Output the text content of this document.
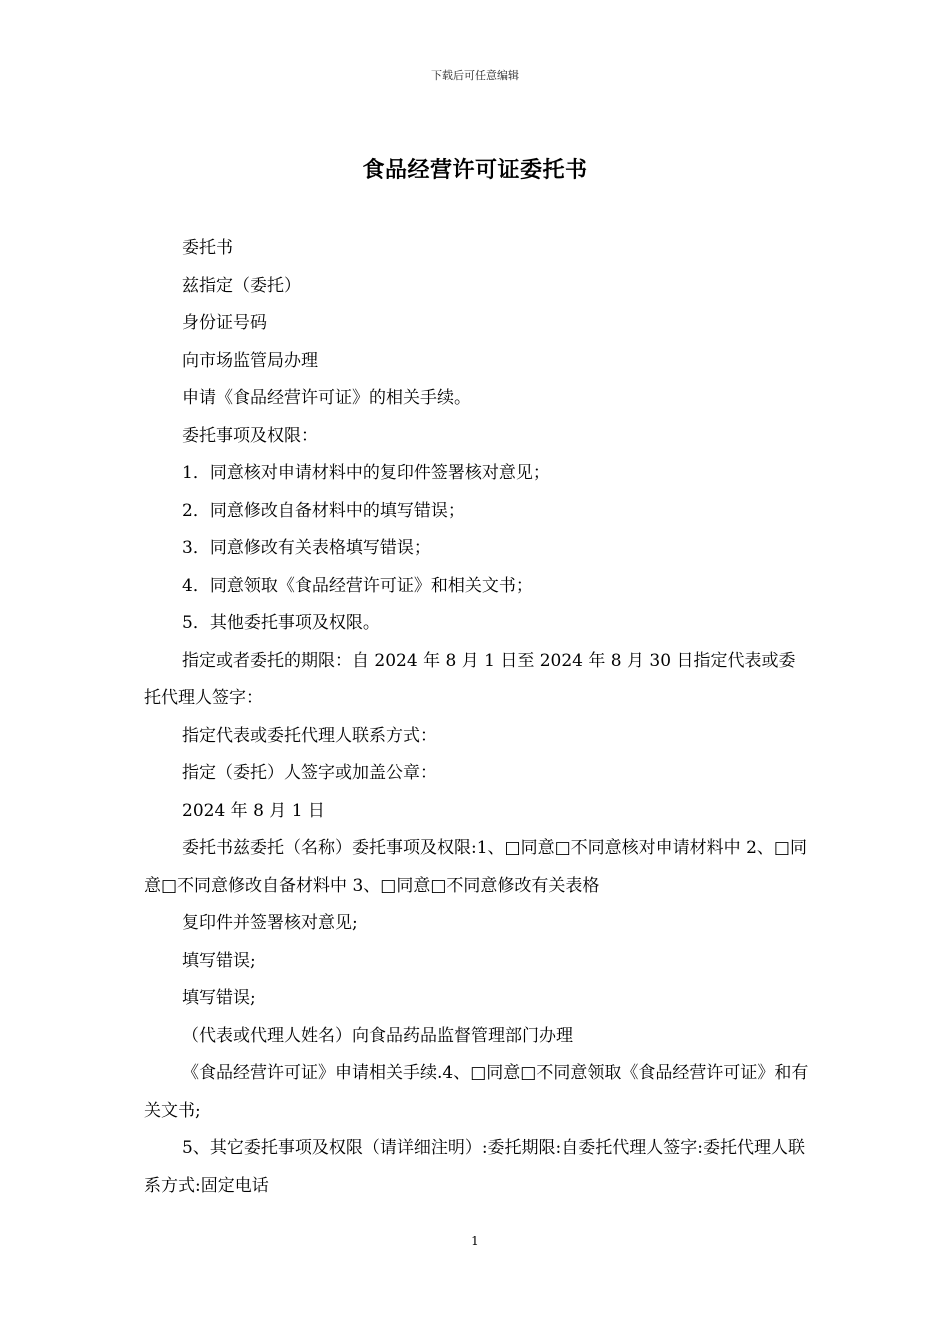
下载后可任意编辑
食品经营许可证委托书

委托书

兹指定（委托）

身份证号码

向市场监管局办理

申请《食品经营许可证》的相关手续。

委托事项及权限：

1．同意核对申请材料中的复印件签署核对意见；

2．同意修改自备材料中的填写错误；

3．同意修改有关表格填写错误；

4．同意领取《食品经营许可证》和相关文书；

5．其他委托事项及权限。

指定或者委托的期限：自 2024 年 8 月 1 日至 2024 年 8 月 30 日指定代表或委托代理人签字：

指定代表或委托代理人联系方式：

指定（委托）人签字或加盖公章：

2024 年 8 月 1 日

委托书兹委托（名称）委托事项及权限:1、□同意□不同意核对申请材料中 2、□同意□不同意修改自备材料中 3、□同意□不同意修改有关表格

复印件并签署核对意见;

填写错误;

填写错误;

（代表或代理人姓名）向食品药品监督管理部门办理

《食品经营许可证》申请相关手续.4、□同意□不同意领取《食品经营许可证》和有关文书;

5、其它委托事项及权限（请详细注明）:委托期限:自委托代理人签字:委托代理人联系方式:固定电话

1
